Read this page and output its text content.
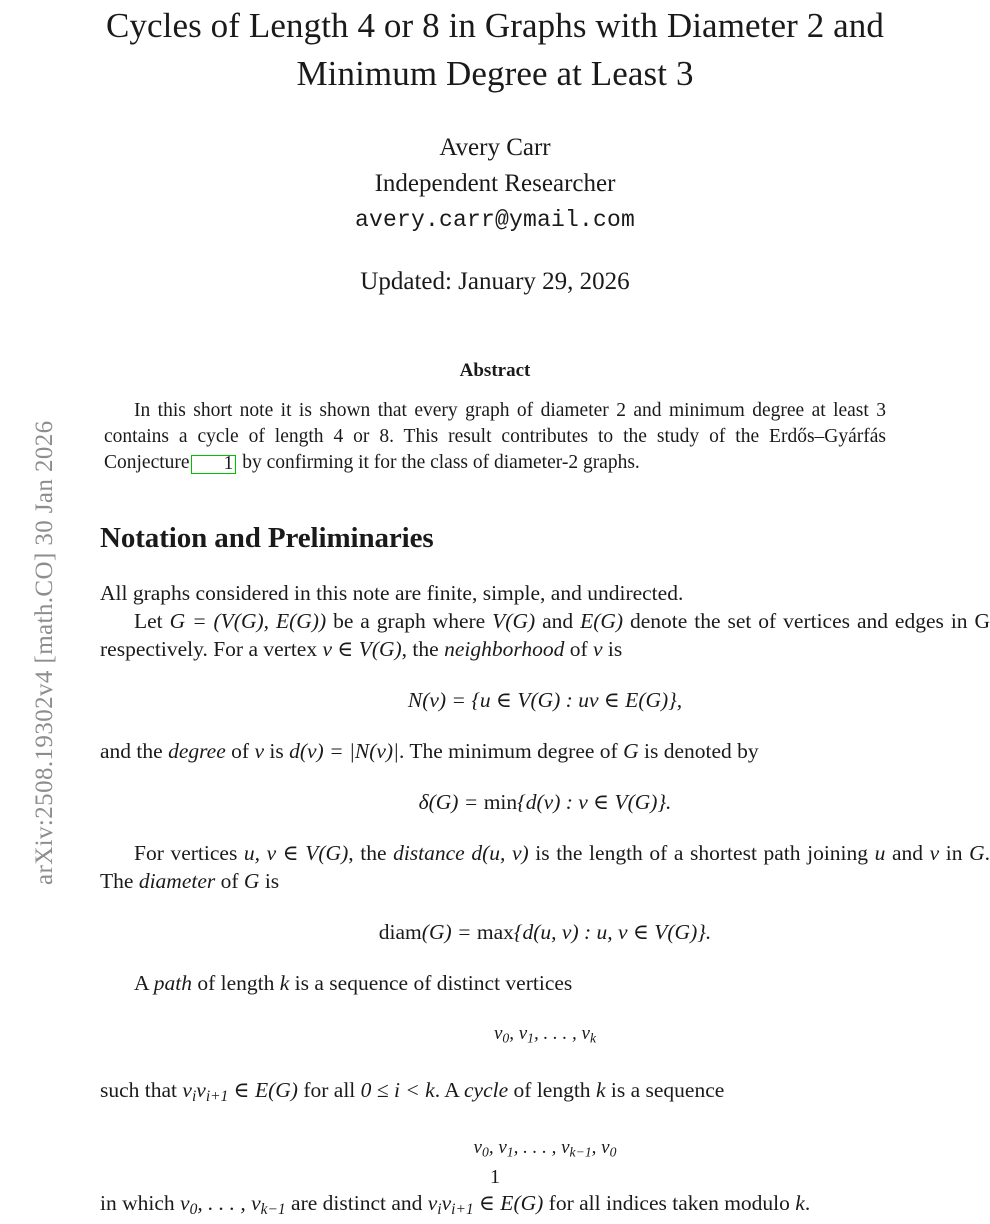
arXiv:2508.19302v4 [math.CO] 30 Jan 2026
Cycles of Length 4 or 8 in Graphs with Diameter 2 and
Minimum Degree at Least 3
Avery Carr
Independent Researcher
avery.carr@ymail.com
Updated: January 29, 2026
Abstract
In this short note it is shown that every graph of diameter 2 and minimum degree at least 3 contains a cycle of length 4 or 8. This result contributes to the study of the Erdős–Gyárfás Conjecture 1 by confirming it for the class of diameter-2 graphs.
Notation and Preliminaries

All graphs considered in this note are finite, simple, and undirected.

Let G = (V(G), E(G)) be a graph where V(G) and E(G) denote the set of vertices and edges in G respectively. For a vertex v ∈ V(G), the neighborhood of v is

N(v) = {u ∈ V(G) : uv ∈ E(G)},

and the degree of v is d(v) = |N(v)|. The minimum degree of G is denoted by

δ(G) = min{d(v) : v ∈ V(G)}.

For vertices u, v ∈ V(G), the distance d(u, v) is the length of a shortest path joining u and v in G. The diameter of G is

diam(G) = max{d(u, v) : u, v ∈ V(G)}.

A path of length k is a sequence of distinct vertices

v0, v1, . . . , vk

such that vivi+1 ∈ E(G) for all 0 ≤ i < k. A cycle of length k is a sequence

v0, v1, . . . , vk−1, v0

in which v0, . . . , vk−1 are distinct and vivi+1 ∈ E(G) for all indices taken modulo k.

1
